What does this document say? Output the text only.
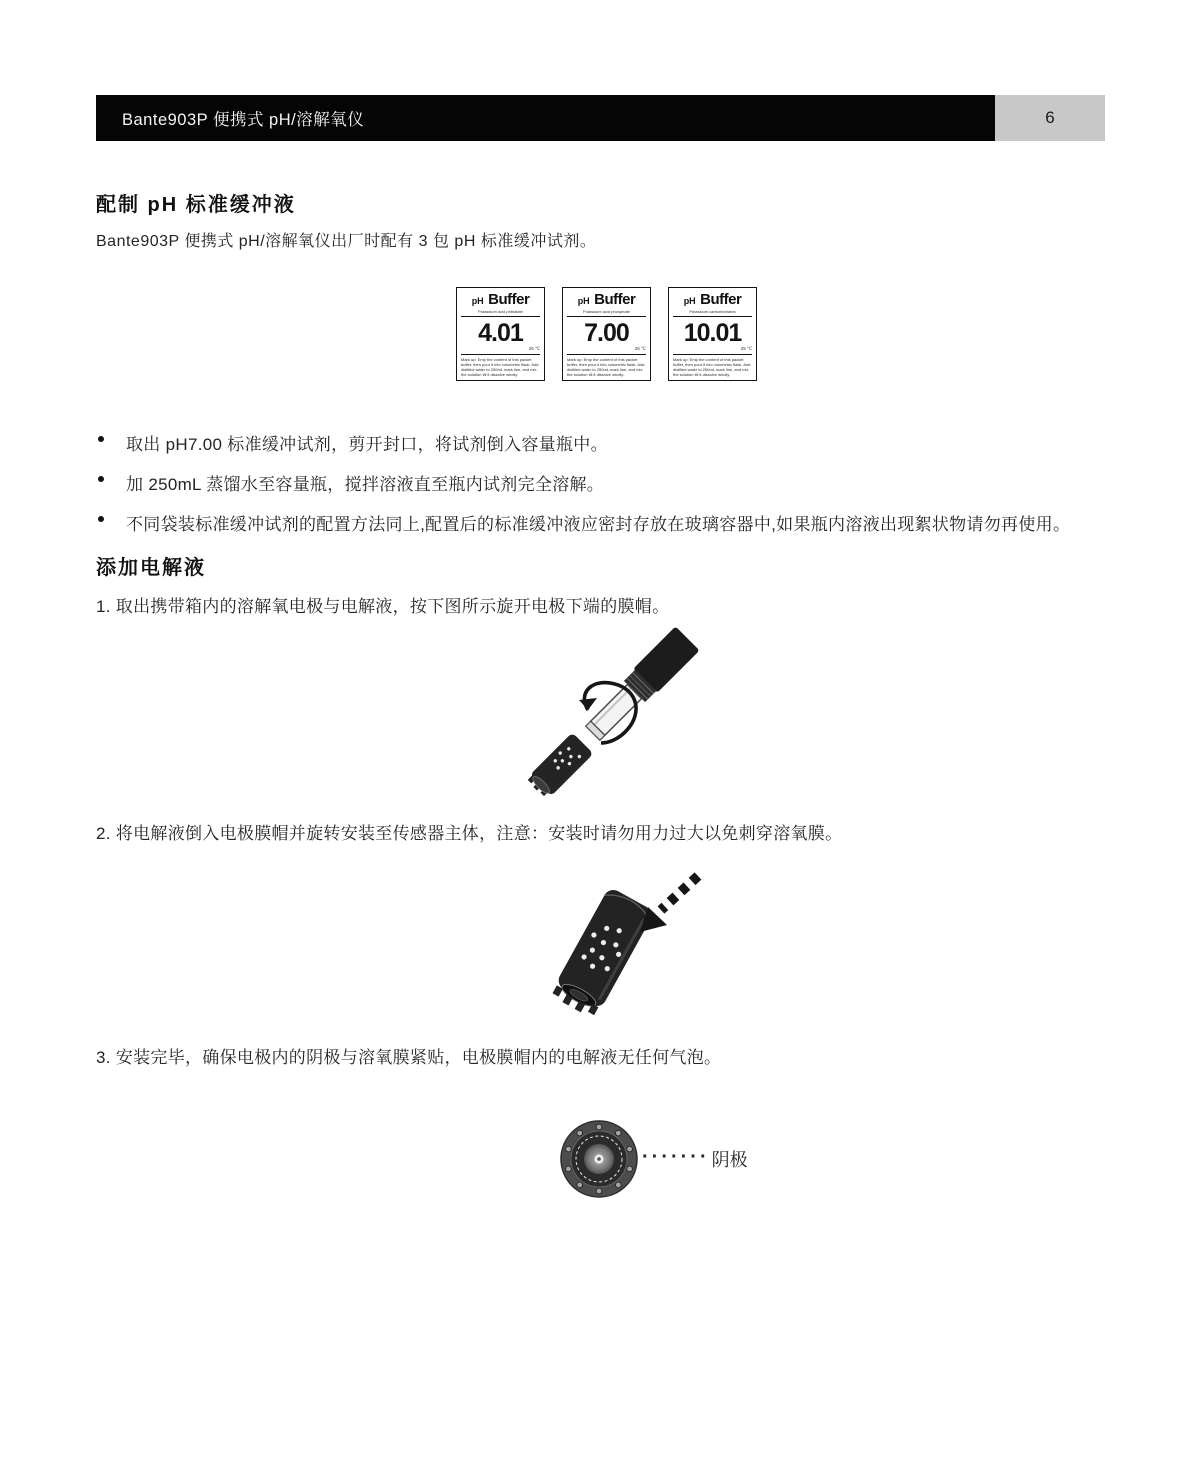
Bante903P 便携式 pH/溶解氧仪	6
配制 pH 标准缓冲液
Bante903P 便携式 pH/溶解氧仪出厂时配有 3 包 pH 标准缓冲试剂。
pH Buffer
Potassium acid phthalate
4.01
25 ℃
Mark up: Emp the content of this packet buffer, then pour it into volumetric flask. Add distilled water to 250mL mark line, and mix the solution till it dissolve wholly.
pH Buffer
Potassium acid phosphate
7.00
25 ℃
Mark up: Emp the content of this packet buffer, then pour it into volumetric flask. Add distilled water to 250mL mark line, and mix the solution till it dissolve wholly.
pH Buffer
Potassium carbonbidrates
10.01
25 ℃
Mark up: Emp the content of this packet buffer, then pour it into volumetric flask. Add distilled water to 250mL mark line, and mix the solution till it dissolve wholly.
取出 pH7.00 标准缓冲试剂，剪开封口，将试剂倒入容量瓶中。
加 250mL 蒸馏水至容量瓶，搅拌溶液直至瓶内试剂完全溶解。
不同袋装标准缓冲试剂的配置方法同上,配置后的标准缓冲液应密封存放在玻璃容器中,如果瓶内溶液出现絮状物请勿再使用。
添加电解液
1. 取出携带箱内的溶解氧电极与电解液，按下图所示旋开电极下端的膜帽。
2. 将电解液倒入电极膜帽并旋转安装至传感器主体，注意：安装时请勿用力过大以免刺穿溶氧膜。
3. 安装完毕，确保电极内的阴极与溶氧膜紧贴，电极膜帽内的电解液无任何气泡。
······· 阴极
